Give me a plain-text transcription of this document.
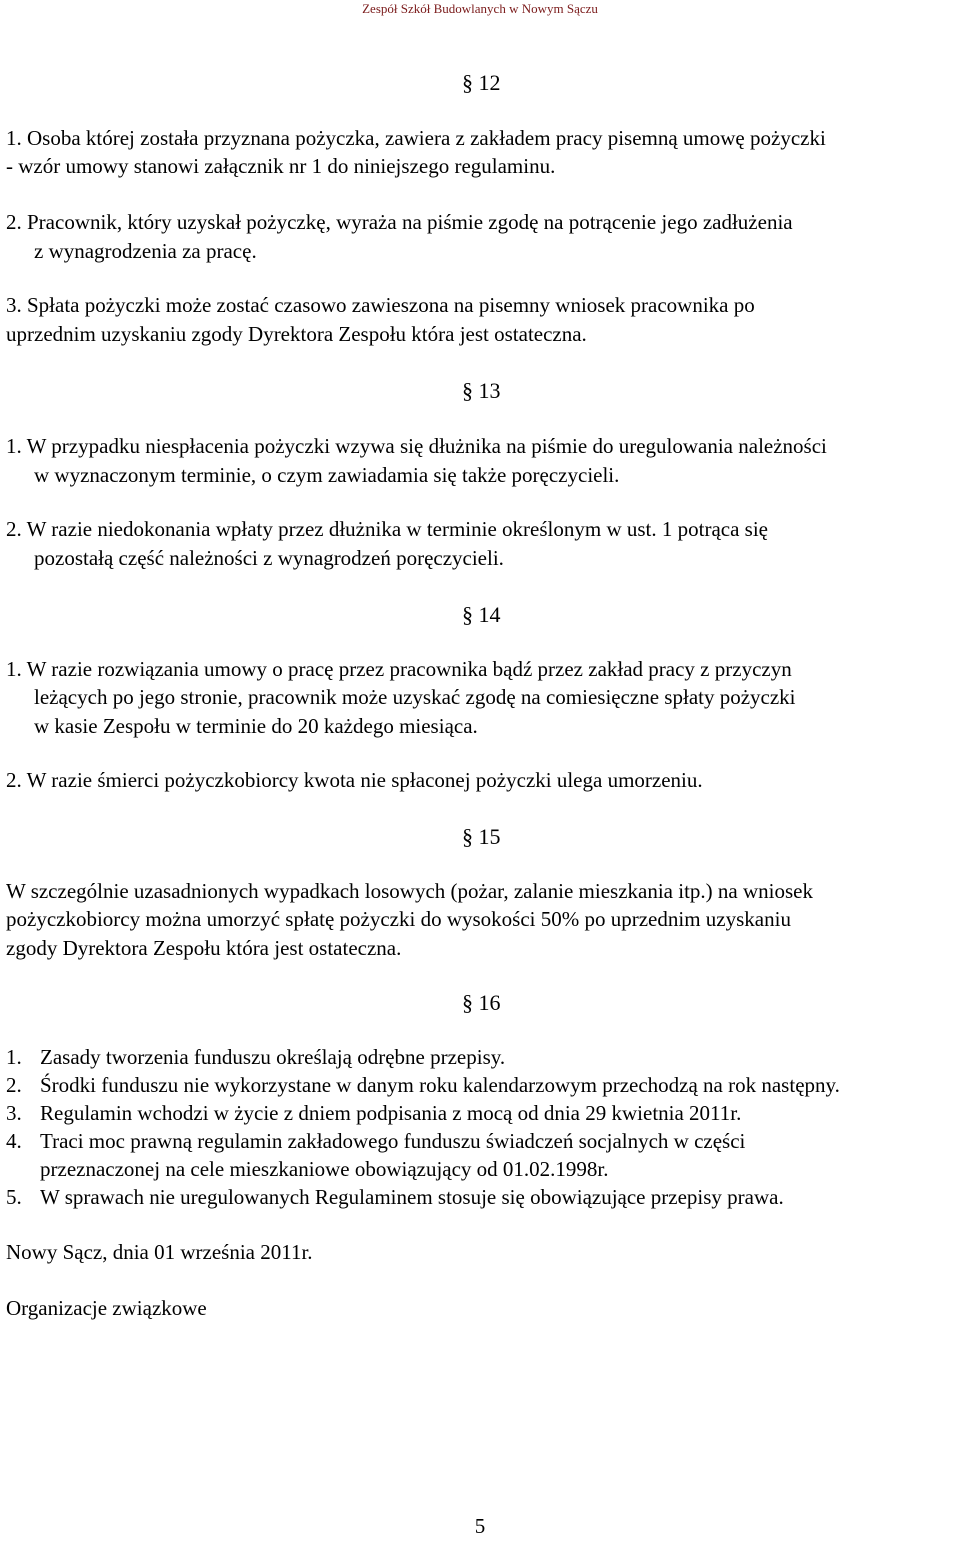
Zespół Szkół Budowlanych w Nowym Sączu
§ 12
1. Osoba której została przyznana pożyczka, zawiera z zakładem pracy pisemną umowę pożyczki
- wzór umowy stanowi załącznik nr 1 do niniejszego regulaminu.
2. Pracownik, który uzyskał pożyczkę, wyraża na piśmie zgodę na potrącenie jego zadłużenia
z wynagrodzenia za pracę.
3. Spłata pożyczki może zostać czasowo zawieszona na pisemny wniosek pracownika po
uprzednim uzyskaniu zgody Dyrektora Zespołu która jest ostateczna.
§ 13
1. W przypadku niespłacenia pożyczki wzywa się dłużnika na piśmie do uregulowania należności
w wyznaczonym terminie, o czym zawiadamia się także poręczycieli.
2. W razie niedokonania wpłaty przez dłużnika w terminie określonym w ust. 1 potrąca się
pozostałą część należności z wynagrodzeń poręczycieli.
§ 14
1. W razie rozwiązania umowy o pracę przez pracownika bądź przez zakład pracy z przyczyn
leżących po jego stronie, pracownik może uzyskać zgodę na comiesięczne spłaty pożyczki
w kasie Zespołu w terminie do 20 każdego miesiąca.
2. W razie śmierci pożyczkobiorcy kwota nie spłaconej pożyczki ulega umorzeniu.
§ 15
W szczególnie uzasadnionych wypadkach losowych (pożar, zalanie mieszkania itp.) na wniosek
pożyczkobiorcy można umorzyć spłatę pożyczki do wysokości 50% po uprzednim uzyskaniu
zgody Dyrektora Zespołu która jest ostateczna.
§ 16
1. Zasady tworzenia funduszu określają odrębne przepisy.
2. Środki funduszu nie wykorzystane w danym roku kalendarzowym przechodzą na rok następny.
3. Regulamin wchodzi w życie z dniem podpisania z mocą od dnia 29 kwietnia 2011r.
4. Traci moc prawną regulamin zakładowego funduszu świadczeń socjalnych w części
przeznaczonej na cele mieszkaniowe obowiązujący od 01.02.1998r.
5. W sprawach nie uregulowanych Regulaminem stosuje się obowiązujące przepisy prawa.
Nowy Sącz, dnia 01 września 2011r.
Organizacje związkowe
5
